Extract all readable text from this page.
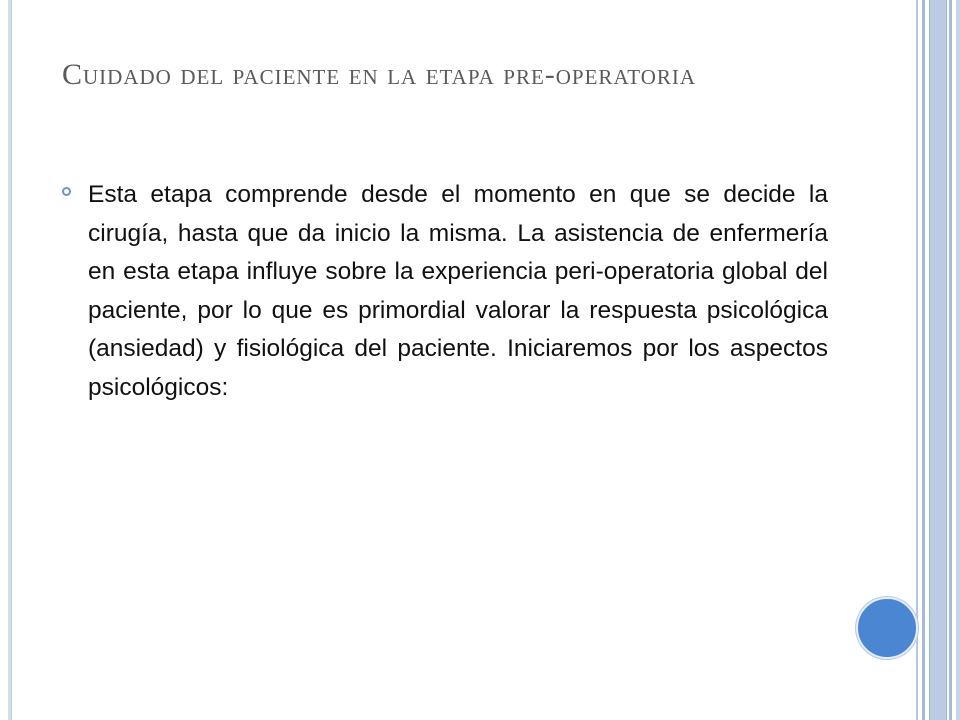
Cuidado del paciente en la etapa pre-operatoria
Esta etapa comprende desde el momento en que se decide la cirugía, hasta que da inicio la misma. La asistencia de enfermería en esta etapa influye sobre la experiencia peri-operatoria global del paciente, por lo que es primordial valorar la respuesta psicológica (ansiedad) y fisiológica del paciente. Iniciaremos por los aspectos psicológicos:
